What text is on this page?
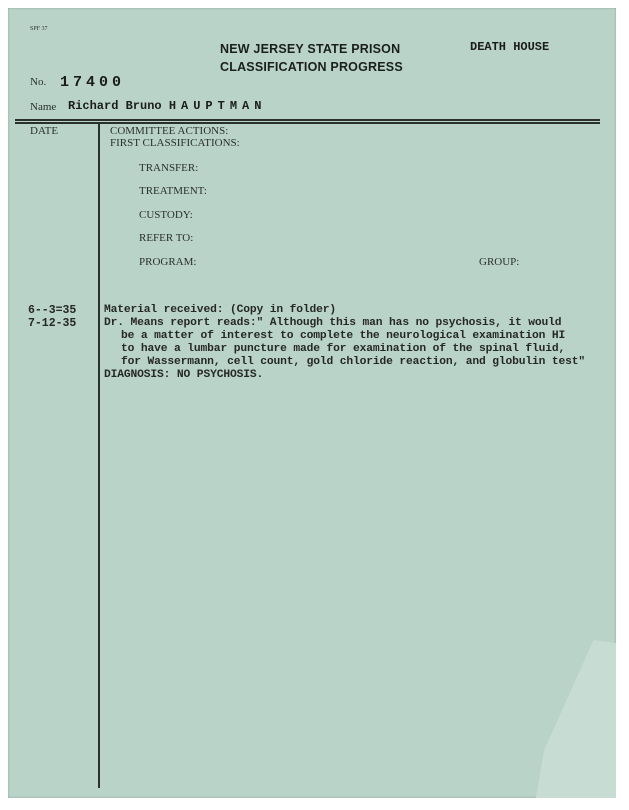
SPF 37
NEW JERSEY STATE PRISON
CLASSIFICATION PROGRESS
DEATH HOUSE
No. 17400
Name Richard Bruno HAUPTMAN
DATE	COMMITTEE ACTIONS:
FIRST CLASSIFICATIONS:
TRANSFER:
TREATMENT:
CUSTODY:
REFER TO:
PROGRAM:	GROUP:
6--3=35
7-12-35
Material received: (Copy in folder)
Dr. Means report reads:" Although this man has no psychosis, it would
be a matter of interest to complete the neurological examination HI
to have a lumbar puncture made for examination of the spinal fluid,
for Wassermann, cell count, gold chloride reaction, and globulin test"
DIAGNOSIS: NO PSYCHOSIS.
